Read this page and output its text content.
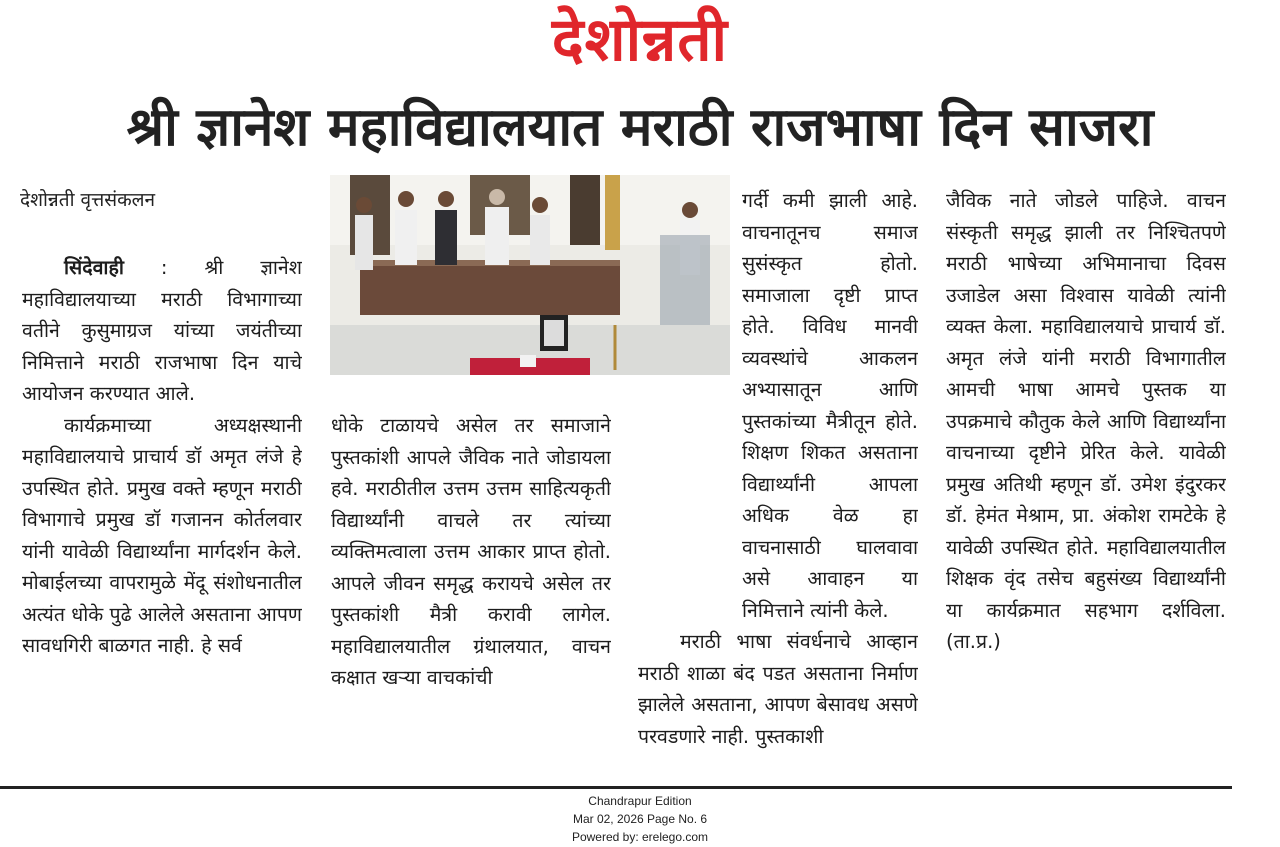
देशोन्नती
श्री ज्ञानेश महाविद्यालयात मराठी राजभाषा दिन साजरा
देशोन्नती वृत्तसंकलन

सिंदेवाही : श्री ज्ञानेश महाविद्यालयाच्या मराठी विभागाच्या वतीने कुसुमाग्रज यांच्या जयंतीच्या निमित्ताने मराठी राजभाषा दिन याचे आयोजन करण्यात आले.

कार्यक्रमाच्या अध्यक्षस्थानी महाविद्यालयाचे प्राचार्य डॉ अमृत लंजे हे उपस्थित होते. प्रमुख वक्ते म्हणून मराठी विभागाचे प्रमुख डॉ गजानन कोर्तलवार यांनी यावेळी विद्यार्थ्यांना मार्गदर्शन केले. मोबाईलच्या वापरामुळे मेंदू संशोधनातील अत्यंत धोके पुढे आलेले असताना आपण सावधगिरी बाळगत नाही. हे सर्व

धोके टाळायचे असेल तर समाजाने पुस्तकांशी आपले जैविक नाते जोडायला हवे. मराठीतील उत्तम उत्तम साहित्यकृती विद्यार्थ्यांनी वाचले तर त्यांच्या व्यक्तिमत्वाला उत्तम आकार प्राप्त होतो. आपले जीवन समृद्ध करायचे असेल तर पुस्तकांशी मैत्री करावी लागेल. महाविद्यालयातील ग्रंथालयात, वाचन कक्षात खऱ्या वाचकांची

गर्दी कमी झाली आहे. वाचनातूनच समाज सुसंस्कृत होतो. समाजाला दृष्टी प्राप्त होते. विविध मानवी व्यवस्थांचे आकलन अभ्यासातून आणि पुस्तकांच्या मैत्रीतून होते. शिक्षण शिकत असताना विद्यार्थ्यांनी आपला अधिक वेळ हा वाचनासाठी घालवावा असे आवाहन या निमित्ताने त्यांनी केले.

मराठी भाषा संवर्धनाचे आव्हान मराठी शाळा बंद पडत असताना निर्माण झालेले असताना, आपण बेसावध असणे परवडणारे नाही. पुस्तकाशी

जैविक नाते जोडले पाहिजे. वाचन संस्कृती समृद्ध झाली तर निश्चितपणे मराठी भाषेच्या अभिमानाचा दिवस उजाडेल असा विश्वास यावेळी त्यांनी व्यक्त केला. महाविद्यालयाचे प्राचार्य डॉ. अमृत लंजे यांनी मराठी विभागातील आमची भाषा आमचे पुस्तक या उपक्रमाचे कौतुक केले आणि विद्यार्थ्यांना वाचनाच्या दृष्टीने प्रेरित केले. यावेळी प्रमुख अतिथी म्हणून डॉ. उमेश इंदुरकर डॉ. हेमंत मेश्राम, प्रा. अंकोश रामटेके हे यावेळी उपस्थित होते. महाविद्यालयातील शिक्षक वृंद तसेच बहुसंख्य विद्यार्थ्यांनी या कार्यक्रमात सहभाग दर्शविला.(ता.प्र.)

Chandrapur Edition
Mar 02, 2026 Page No. 6
Powered by: erelego.com
